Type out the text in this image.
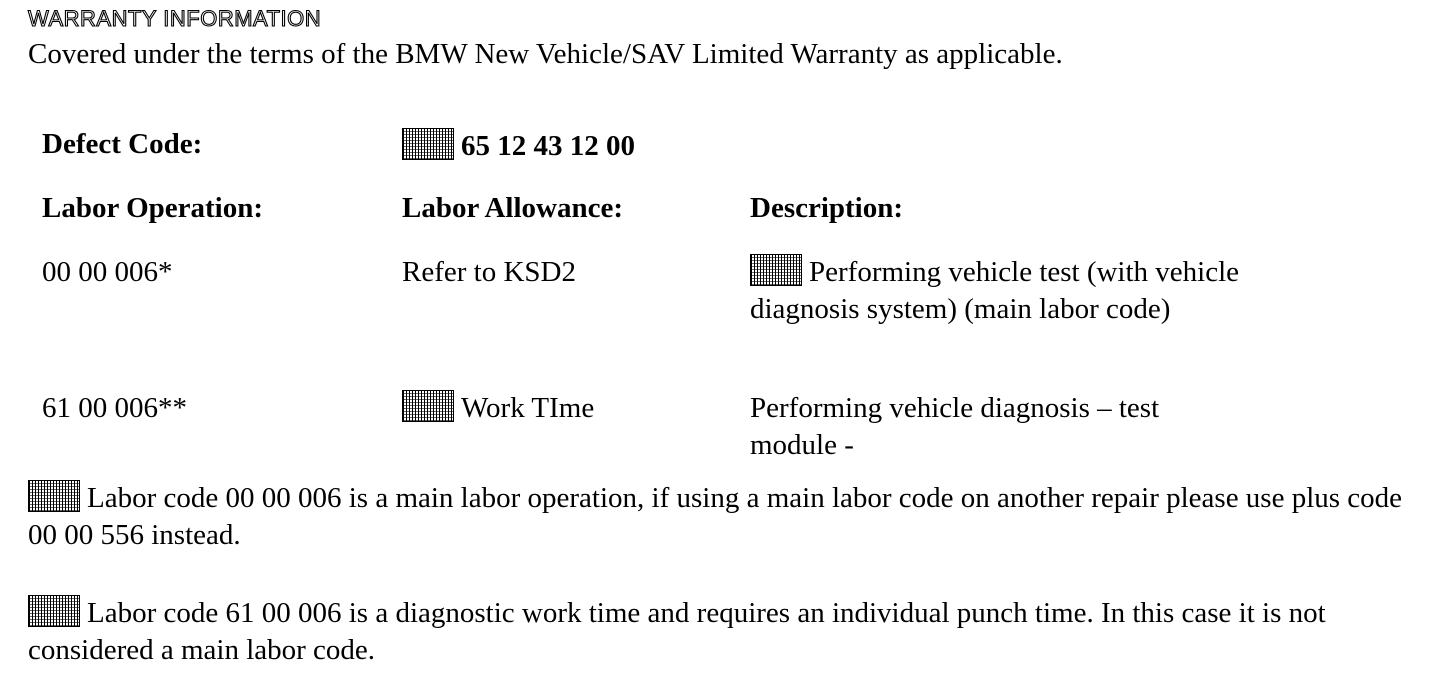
WARRANTY INFORMATION
Covered under the terms of the BMW New Vehicle/SAV Limited Warranty as applicable.
Defect Code:	65 12 43 12 00
Labor Operation:	Labor Allowance:	Description:
00 00 006*	Refer to KSD2	Performing vehicle test (with vehicle diagnosis system) (main labor code)
61 00 006**	Work TIme	Performing vehicle diagnosis – test module -
Labor code 00 00 006 is a main labor operation, if using a main labor code on another repair please use plus code 00 00 556 instead.
Labor code 61 00 006 is a diagnostic work time and requires an individual punch time. In this case it is not considered a main labor code.
